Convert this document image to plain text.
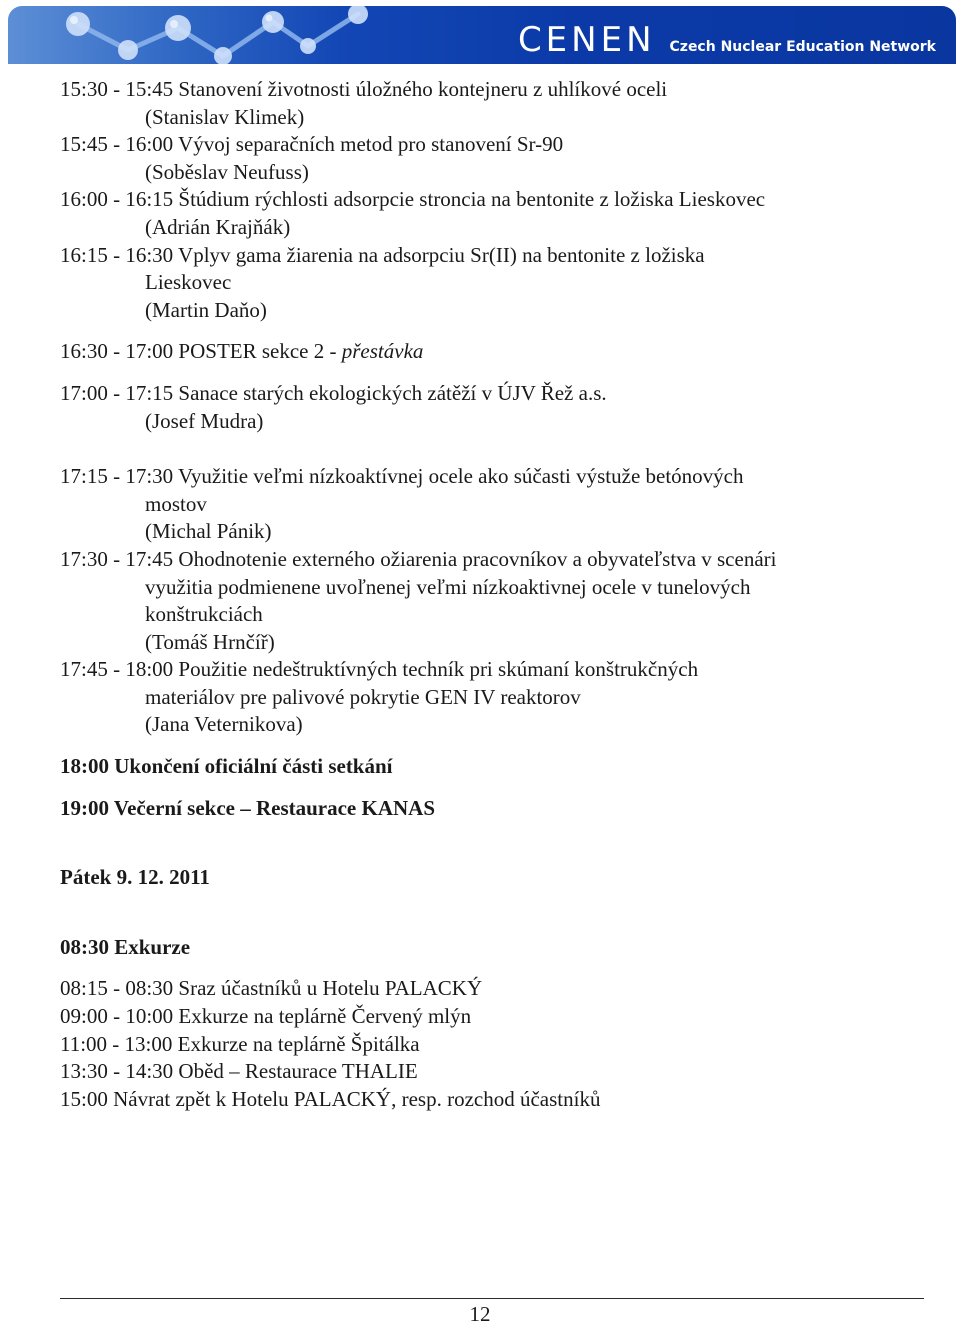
CENEN Czech Nuclear Education Network
15:30 - 15:45 Stanovení životnosti úložného kontejneru z uhlíkové oceli
(Stanislav Klimek)
15:45 - 16:00 Vývoj separačních metod pro stanovení Sr-90
(Soběslav Neufuss)
16:00 - 16:15 Štúdium rýchlosti adsorpcie stroncia na bentonite z ložiska Lieskovec
(Adrián Krajňák)
16:15 - 16:30 Vplyv gama žiarenia na adsorpciu Sr(II) na bentonite z ložiska
Lieskovec
(Martin Daňo)
16:30 - 17:00 POSTER sekce 2 - přestávka
17:00 - 17:15 Sanace starých ekologických zátěží v ÚJV Řež a.s.
(Josef Mudra)
17:15 - 17:30 Využitie veľmi nízkoaktívnej ocele ako súčasti výstuže betónových
mostov
(Michal Pánik)
17:30 - 17:45 Ohodnotenie externého ožiarenia pracovníkov a obyvateľstva v scenári
využitia podmienene uvoľnenej veľmi nízkoaktivnej ocele v tunelových
konštrukciách
(Tomáš Hrnčíř)
17:45 - 18:00 Použitie nedeštruktívných techník pri skúmaní konštrukčných
materiálov pre palivové pokrytie GEN IV reaktorov
(Jana Veternikova)
18:00 Ukončení oficiální části setkání
19:00 Večerní sekce – Restaurace KANAS
Pátek 9. 12. 2011
08:30 Exkurze
08:15 - 08:30 Sraz účastníků u Hotelu PALACKÝ
09:00 - 10:00 Exkurze na teplárně Červený mlýn
11:00 - 13:00 Exkurze na teplárně Špitálka
13:30 - 14:30 Oběd – Restaurace THALIE
15:00 Návrat zpět k Hotelu PALACKÝ, resp. rozchod účastníků
12
